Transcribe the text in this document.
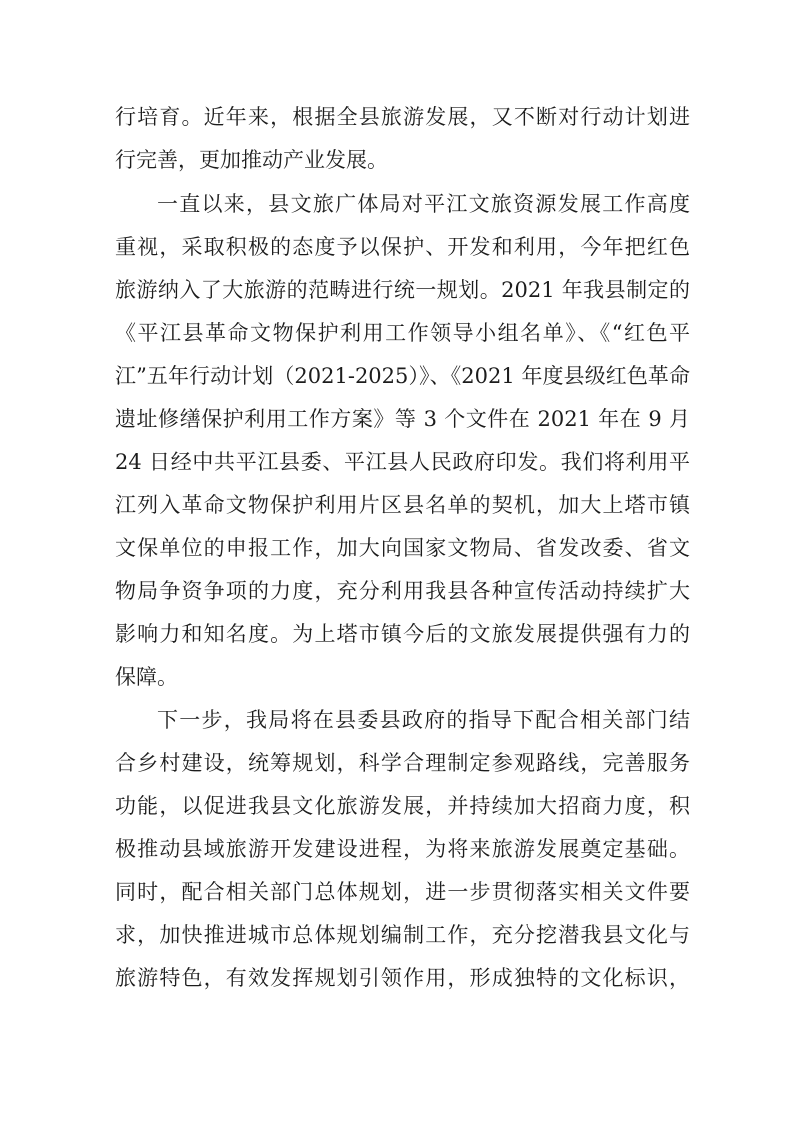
行培育。近年来，根据全县旅游发展，又不断对行动计划进
行完善，更加推动产业发展。
一直以来，县文旅广体局对平江文旅资源发展工作高度
重视，采取积极的态度予以保护、开发和利用，今年把红色
旅游纳入了大旅游的范畴进行统一规划。2021 年我县制定的
《平江县革命文物保护利用工作领导小组名单》、《“红色平
江”五年行动计划（2021-2025）》、《2021 年度县级红色革命
遗址修缮保护利用工作方案》等 3 个文件在 2021 年在 9 月
24 日经中共平江县委、平江县人民政府印发。我们将利用平
江列入革命文物保护利用片区县名单的契机，加大上塔市镇
文保单位的申报工作，加大向国家文物局、省发改委、省文
物局争资争项的力度，充分利用我县各种宣传活动持续扩大
影响力和知名度。为上塔市镇今后的文旅发展提供强有力的
保障。
下一步，我局将在县委县政府的指导下配合相关部门结
合乡村建设，统筹规划，科学合理制定参观路线，完善服务
功能，以促进我县文化旅游发展，并持续加大招商力度，积
极推动县域旅游开发建设进程，为将来旅游发展奠定基础。
同时，配合相关部门总体规划，进一步贯彻落实相关文件要
求，加快推进城市总体规划编制工作，充分挖潜我县文化与
旅游特色，有效发挥规划引领作用，形成独特的文化标识，
